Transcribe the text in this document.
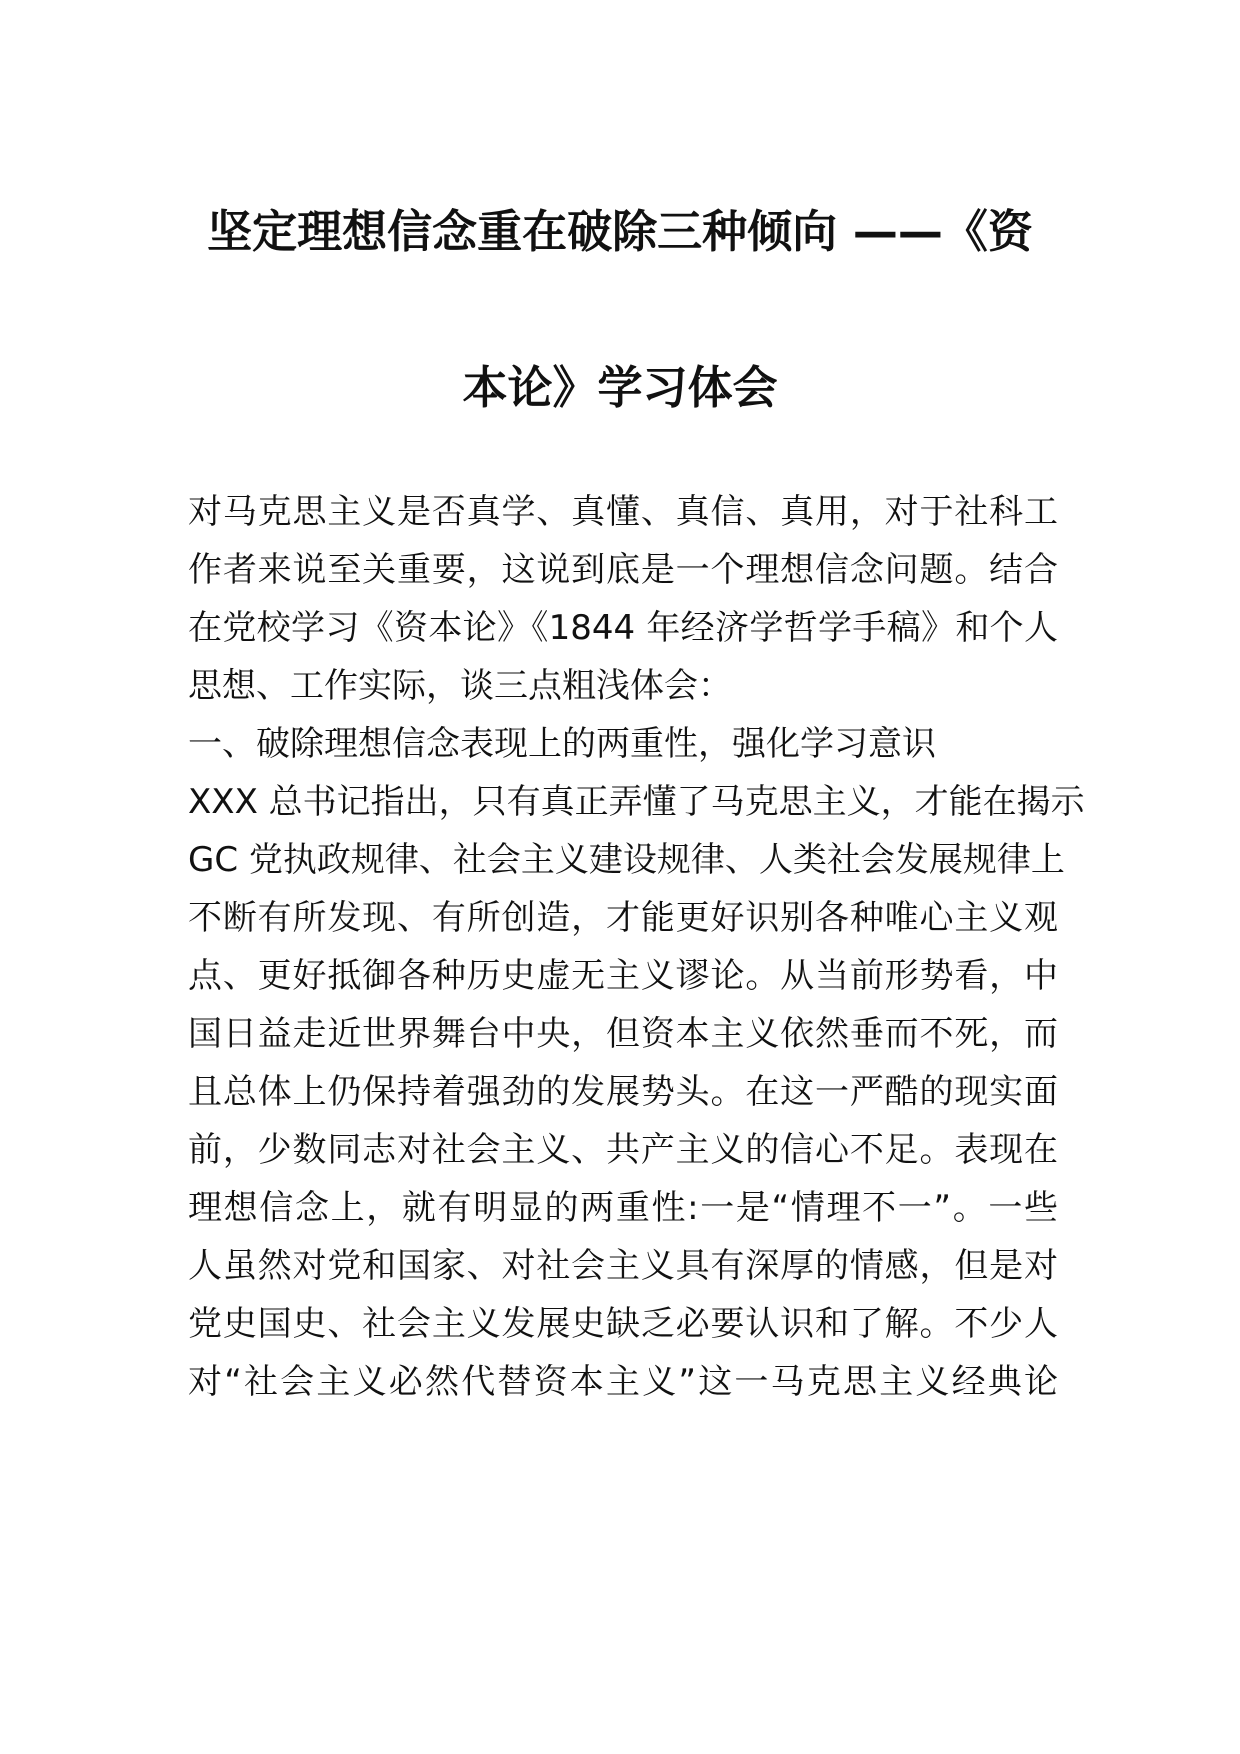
坚定理想信念重在破除三种倾向 ——《资
本论》学习体会
对马克思主义是否真学、真懂、真信、真用，对于社科工
作者来说至关重要，这说到底是一个理想信念问题。结合
在党校学习《资本论》《1844 年经济学哲学手稿》和个人
思想、工作实际，谈三点粗浅体会：
一、破除理想信念表现上的两重性，强化学习意识
XXX 总书记指出，只有真正弄懂了马克思主义，才能在揭示
GC 党执政规律、社会主义建设规律、人类社会发展规律上
不断有所发现、有所创造，才能更好识别各种唯心主义观
点、更好抵御各种历史虚无主义谬论。从当前形势看，中
国日益走近世界舞台中央，但资本主义依然垂而不死，而
且总体上仍保持着强劲的发展势头。在这一严酷的现实面
前，少数同志对社会主义、共产主义的信心不足。表现在
理想信念上，就有明显的两重性:一是“情理不一”。一些
人虽然对党和国家、对社会主义具有深厚的情感，但是对
党史国史、社会主义发展史缺乏必要认识和了解。不少人
对“社会主义必然代替资本主义”这一马克思主义经典论
